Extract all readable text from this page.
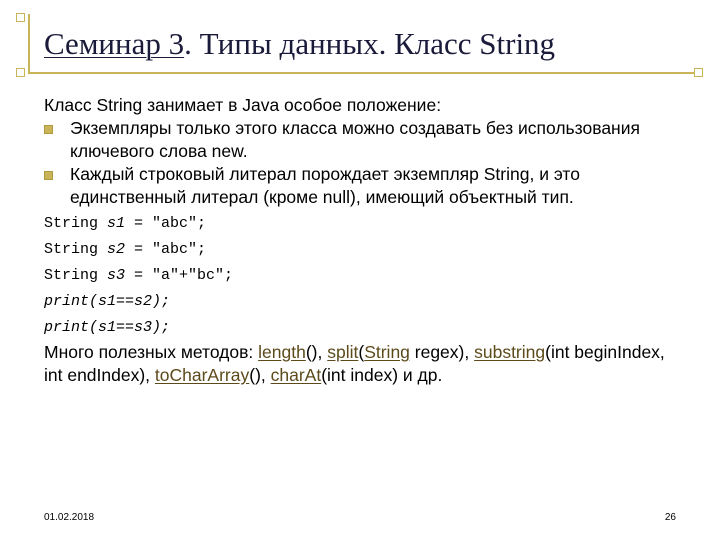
Семинар 3. Типы данных. Класс String

Класс String занимает в Java особое положение:

Экземпляры только этого класса можно создавать без использования ключевого слова new.
Каждый строковый литерал порождает экземпляр String, и это единственный литерал (кроме null), имеющий объектный тип.
String s1 = "abc";
String s2 = "abc";
String s3 = "a"+"bc";
print(s1==s2);
print(s1==s3);

Много полезных методов: length(), split(String regex), substring(int beginIndex, int endIndex), toCharArray(), charAt(int index) и др.

01.02.2018	26
